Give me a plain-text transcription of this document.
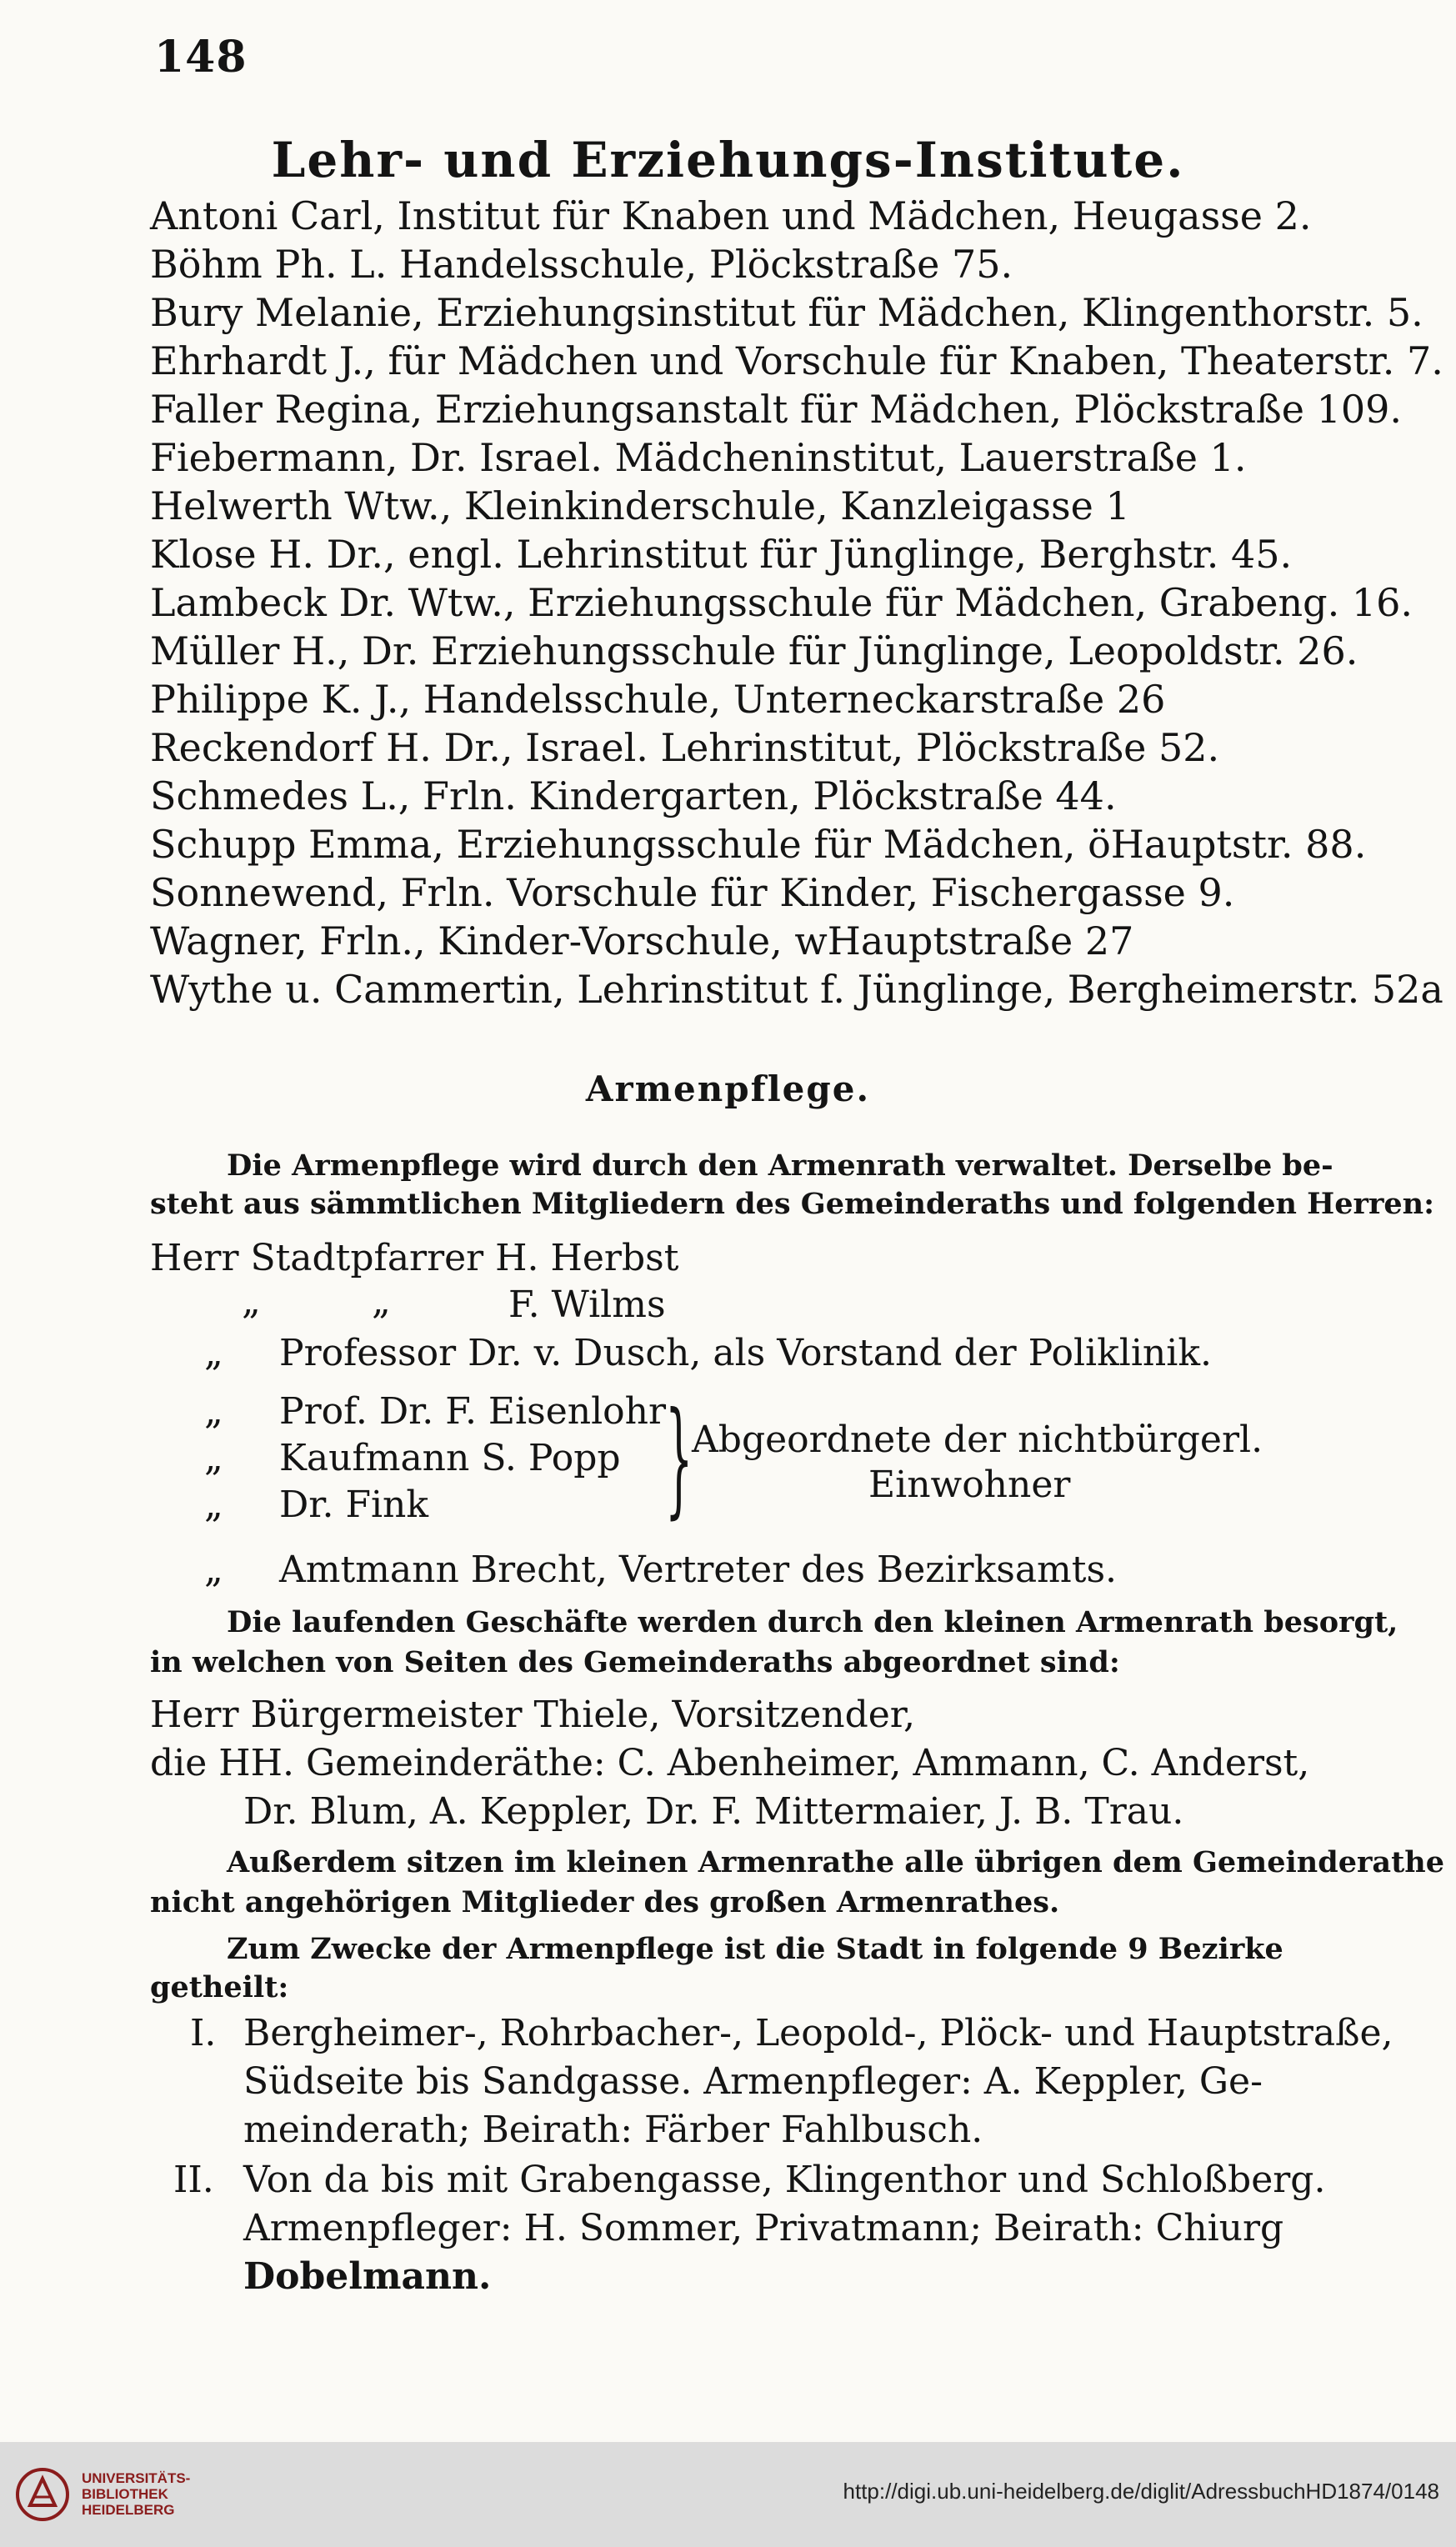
148
Lehr- und Erziehungs-Institute.
Antoni Carl, Institut für Knaben und Mädchen, Heugasse 2.
Böhm Ph. L. Handelsschule, Plöckstraße 75.
Bury Melanie, Erziehungsinstitut für Mädchen, Klingenthorstr. 5.
Ehrhardt J., für Mädchen und Vorschule für Knaben, Theaterstr. 7.
Faller Regina, Erziehungsanstalt für Mädchen, Plöckstraße 109.
Fiebermann, Dr. Israel. Mädcheninstitut, Lauerstraße 1.
Helwerth Wtw., Kleinkinderschule, Kanzleigasse 1
Klose H. Dr., engl. Lehrinstitut für Jünglinge, Berghstr. 45.
Lambeck Dr. Wtw., Erziehungsschule für Mädchen, Grabeng. 16.
Müller H., Dr. Erziehungsschule für Jünglinge, Leopoldstr. 26.
Philippe K. J., Handelsschule, Unterneckarstraße 26
Reckendorf H. Dr., Israel. Lehrinstitut, Plöckstraße 52.
Schmedes L., Frln. Kindergarten, Plöckstraße 44.
Schupp Emma, Erziehungsschule für Mädchen, öHauptstr. 88.
Sonnewend, Frln. Vorschule für Kinder, Fischergasse 9.
Wagner, Frln., Kinder-Vorschule, wHauptstraße 27
Wythe u. Cammertin, Lehrinstitut f. Jünglinge, Bergheimerstr. 52a
Armenpflege.
Die Armenpflege wird durch den Armenrath verwaltet. Derselbe be-
steht aus sämmtlichen Mitgliedern des Gemeinderaths und folgenden Herren:
Herr Stadtpfarrer H. Herbst
„	„	F. Wilms
„ Professor Dr. v. Dusch, als Vorstand der Poliklinik.
„ Prof. Dr. F. Eisenlohr
„ Kaufmann S. Popp
„ Dr. Fink }
Abgeordnete der nichtbürgerl.
Einwohner
„ Amtmann Brecht, Vertreter des Bezirksamts.
Die laufenden Geschäfte werden durch den kleinen Armenrath besorgt,
in welchen von Seiten des Gemeinderaths abgeordnet sind:
Herr Bürgermeister Thiele, Vorsitzender,
die HH. Gemeinderäthe: C. Abenheimer, Ammann, C. Anderst,
Dr. Blum, A. Keppler, Dr. F. Mittermaier, J. B. Trau.
Außerdem sitzen im kleinen Armenrathe alle übrigen dem Gemeinderathe
nicht angehörigen Mitglieder des großen Armenrathes.
Zum Zwecke der Armenpflege ist die Stadt in folgende 9 Bezirke
getheilt:
I. Bergheimer-, Rohrbacher-, Leopold-, Plöck- und Hauptstraße,
Südseite bis Sandgasse. Armenpfleger: A. Keppler, Ge-
meinderath; Beirath: Färber Fahlbusch.
II. Von da bis mit Grabengasse, Klingenthor und Schloßberg.
Armenpfleger: H. Sommer, Privatmann; Beirath: Chiurg
Dobelmann.
UNIVERSITÄTS-
BIBLIOTHEK
HEIDELBERG
http://digi.ub.uni-heidelberg.de/diglit/AdressbuchHD1874/0148
